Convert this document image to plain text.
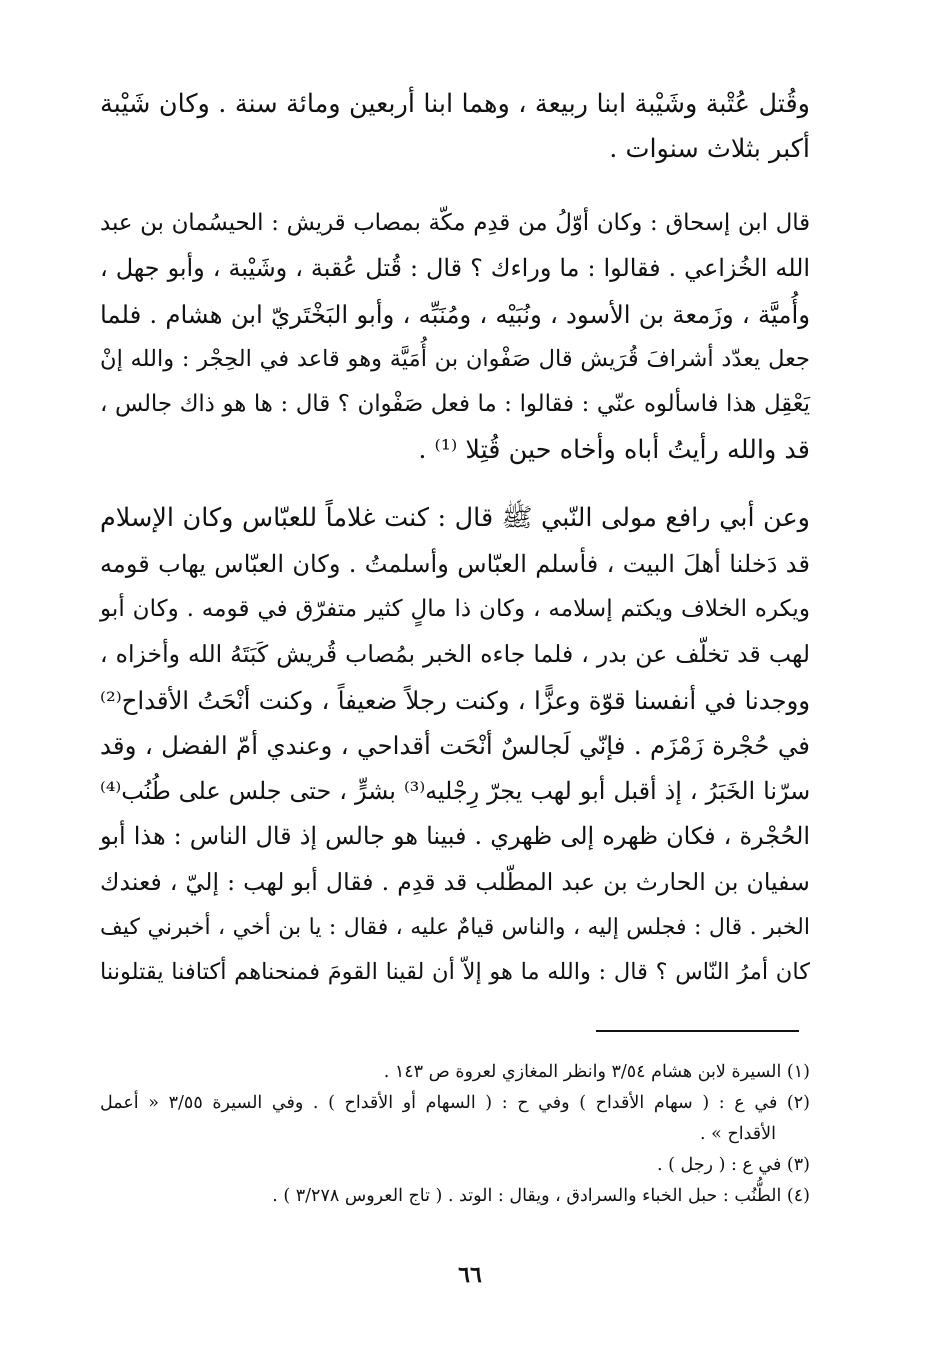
وقُتل عُتْبة وشَيْبة ابنا ربيعة ، وهما ابنا أربعين ومائة سنة . وكان شَيْبة
أكبر بثلاث سنوات .

قال ابن إسحاق : وكان أوّلُ من قدِم مكّة بمصاب قريش : الحيسُمان بن عبد
الله الخُزاعي . فقالوا : ما وراءك ؟ قال : قُتل عُقبة ، وشَيْبة ، وأبو جهل ،
وأُميَّة ، وزَمعة بن الأسود ، ونُبَيْه ، ومُنَبِّه ، وأبو البَخْتَريّ ابن هشام . فلما
جعل يعدّد أشرافَ قُرَيش قال صَفْوان بن أُمَيَّة وهو قاعد في الحِجْر : والله إنْ
يَعْقِل هذا فاسألوه عنّي : فقالوا : ما فعل صَفْوان ؟ قال : ها هو ذاك جالس ،
قد والله رأيتُ أباه وأخاه حين قُتِلا ⁽¹⁾ .

وعن أبي رافع مولى النّبي ﷺ قال : كنت غلاماً للعبّاس وكان الإسلام
قد دَخلنا أهلَ البيت ، فأسلم العبّاس وأسلمتُ . وكان العبّاس يهاب قومه
ويكره الخلاف ويكتم إسلامه ، وكان ذا مالٍ كثير متفرّق في قومه . وكان أبو
لهب قد تخلّف عن بدر ، فلما جاءه الخبر بمُصاب قُريش كَبَتَهُ الله وأخزاه ،
ووجدنا في أنفسنا قوّة وعزًّا ، وكنت رجلاً ضعيفاً ، وكنت أنْحَتُ الأقداح⁽²⁾
في حُجْرة زَمْزَم . فإنّي لَجالسٌ أنْحَت أقداحي ، وعندي أمّ الفضل ، وقد
سرّنا الخَبَرُ ، إذ أقبل أبو لهب يجرّ رِجْليه⁽³⁾ بشرٍّ ، حتى جلس على طُنُب⁽⁴⁾
الحُجْرة ، فكان ظهره إلى ظهري . فبينا هو جالس إذ قال الناس : هذا أبو
سفيان بن الحارث بن عبد المطّلب قد قدِم . فقال أبو لهب : إليّ ، فعندك
الخبر . قال : فجلس إليه ، والناس قيامٌ عليه ، فقال : يا بن أخي ، أخبرني كيف
كان أمرُ النّاس ؟ قال : والله ما هو إلاّ أن لقينا القومَ فمنحناهم أكتافنا يقتلوننا

(١) السيرة لابن هشام ٣/٥٤ وانظر المغازي لعروة ص ١٤٣ .
(٢) في ع : ( سهام الأقداح ) وفي ح : ( السهام أو الأقداح ) . وفي السيرة ٣/٥٥ « أعمل
الأقداح » .
(٣) في ع : ( رجل ) .
(٤) الطُّنُب : حبل الخباء والسرادق ، ويقال : الوتد . ( تاج العروس ٣/٢٧٨ ) .
٦٦
